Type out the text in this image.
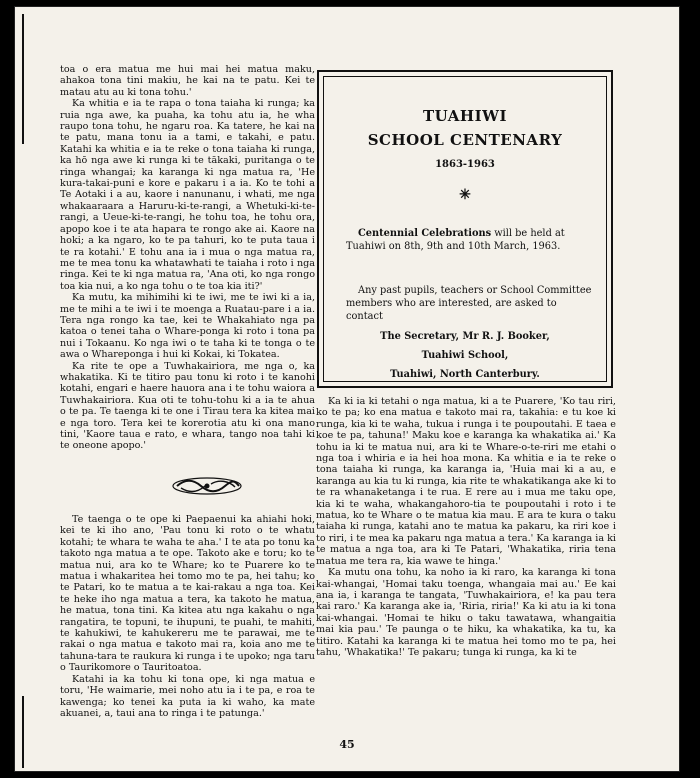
toa o era matua me hui mai hei matua maku, ahakoa tona tini makiu, he kai na te patu. Kei te matau atu au ki tona tohu.'

Ka whitia e ia te rapa o tona taiaha ki runga; ka ruia nga awe, ka puaha, ka tohu atu ia, he wha raupo tona tohu, he ngaru roa. Ka tatere, he kai na te patu, mana tonu ia a tami, e takahi, e patu. Katahi ka whitia e ia te reke o tona taiaha ki runga, ka hō nga awe ki runga ki te tākaki, puritanga o te ringa whangai; ka karanga ki nga matua ra, 'He kura-takai-puni e kore e pakaru i a ia. Ko te tohi a Te Aotaki i a au, kaore i nanunanu, i whati, me nga whakaaraara a Haruru-ki-te-rangi, a Whetuki-ki-te-rangi, a Ueue-ki-te-rangi, he tohu toa, he tohu ora, apopo koe i te ata hapara te rongo ake ai. Kaore na hoki; a ka ngaro, ko te pa tahuri, ko te puta taua i te ra kotahi.' E tohu ana ia i mua o nga matua ra, me te mea tonu ka whatawhati te taiaha i roto i nga ringa. Kei te ki nga matua ra, 'Ana oti, ko nga rongo toa kia nui, a ko nga tohu o te toa kia iti?'

Ka mutu, ka mihimihi ki te iwi, me te iwi ki a ia, me te mihi a te iwi i te moenga a Ruatau-pare i a ia. Tera nga rongo ka tae, kei te Whakahiato nga pa katoa o tenei taha o Whare-ponga ki roto i tona pa nui i Tokaanu. Ko nga iwi o te taha ki te tonga o te awa o Whareponga i hui ki Kokai, ki Tokatea.

Ka rite te ope a Tuwhakairiora, me nga o, ka whakatika. Ki te titiro pau tonu ki roto i te kanohi kotahi, engari e haere hauora ana i te tohu waiora a Tuwhakairiora. Kua oti te tohu-tohu ki a ia te ahua o te pa. Te taenga ki te one i Tirau tera ka kitea mai e nga toro. Tera kei te korerotia atu ki ona mano tini, 'Kaore taua e rato, e whara, tango noa tahi ki te oneone apopo.'

Te taenga o te ope ki Paepaenui ka ahiahi hoki, kei te ki iho ano, 'Pau tonu ki roto o te whatu kotahi; te whara te waha te aha.' I te ata po tonu ka takoto nga matua a te ope. Takoto ake e toru; ko te matua nui, ara ko te Whare; ko te Puarere ko te matua i whakaritea hei tomo mo te pa, hei tahu; ko te Patari, ko te matua a te kai-rakau a nga toa. Kei te heke iho nga matua a tera, ka takoto he matua, he matua, tona tini. Ka kitea atu nga kakahu o nga rangatira, te topuni, te ihupuni, te puahi, te mahiti, te kahukiwi, te kahukereru me te parawai, me te rakai o nga matua e takoto mai ra, koia ano me te tahuna-tara te raukura ki runga i te upoko; nga taru o Taurikomore o Tauritoatoa.

Katahi ia ka tohu ki tona ope, ki nga matua e toru, 'He waimarie, mei noho atu ia i te pa, e roa te kawenga; ko tenei ka puta ia ki waho, ka mate akuanei, a, taui ana to ringa i te patunga.'

TUAHIWI
SCHOOL CENTENARY
1863-1963
✳
Centennial Celebrations will be held at Tuahiwi on 8th, 9th and 10th March, 1963.
Any past pupils, teachers or School Committee members who are interested, are asked to contact
The Secretary, Mr R. J. Booker,
Tuahiwi School,
Tuahiwi, North Canterbury.

Ka ki ia ki tetahi o nga matua, ki a te Puarere, 'Ko tau riri, ko te pa; ko ena matua e takoto mai ra, takahia: e tu koe ki runga, kia ki te waha, tukua i runga i te poupoutahi. E taea e koe te pa, tahuna!' Maku koe e karanga ka whakatika ai.' Ka tohu ia ki te matua nui, ara ki te Whare-o-te-riri me etahi o nga toa i whiria e ia hei hoa mona. Ka whitia e ia te reke o tona taiaha ki runga, ka karanga ia, 'Huia mai ki a au, e karanga au kia tu ki runga, kia rite te whakatikanga ake ki to te ra whanaketanga i te rua. E rere au i mua me taku ope, kia ki te waha, whakangahoro-tia te poupoutahi i roto i te matua, ko te Whare o te matua kia mau. E ara te kura o taku taiaha ki runga, katahi ano te matua ka pakaru, ka riri koe i to riri, i te mea ka pakaru nga matua a tera.' Ka karanga ia ki te matua a nga toa, ara ki Te Patari, 'Whakatika, riria tena matua me tera ra, kia wawe te hinga.'

Ka mutu ona tohu, ka noho ia ki raro, ka karanga ki tona kai-whangai, 'Homai taku toenga, whangaia mai au.' Ee kai ana ia, i karanga te tangata, 'Tuwhakairiora, e! ka pau tera kai raro.' Ka karanga ake ia, 'Riria, riria!' Ka ki atu ia ki tona kai-whangai. 'Homai te hiku o taku tawatawa, whangaitia mai kia pau.' Te paunga o te hiku, ka whakatika, ka tu, ka titiro. Katahi ka karanga ki te matua hei tomo mo te pa, hei tahu, 'Whakatika!' Te pakaru; tunga ki runga, ka ki te

45
